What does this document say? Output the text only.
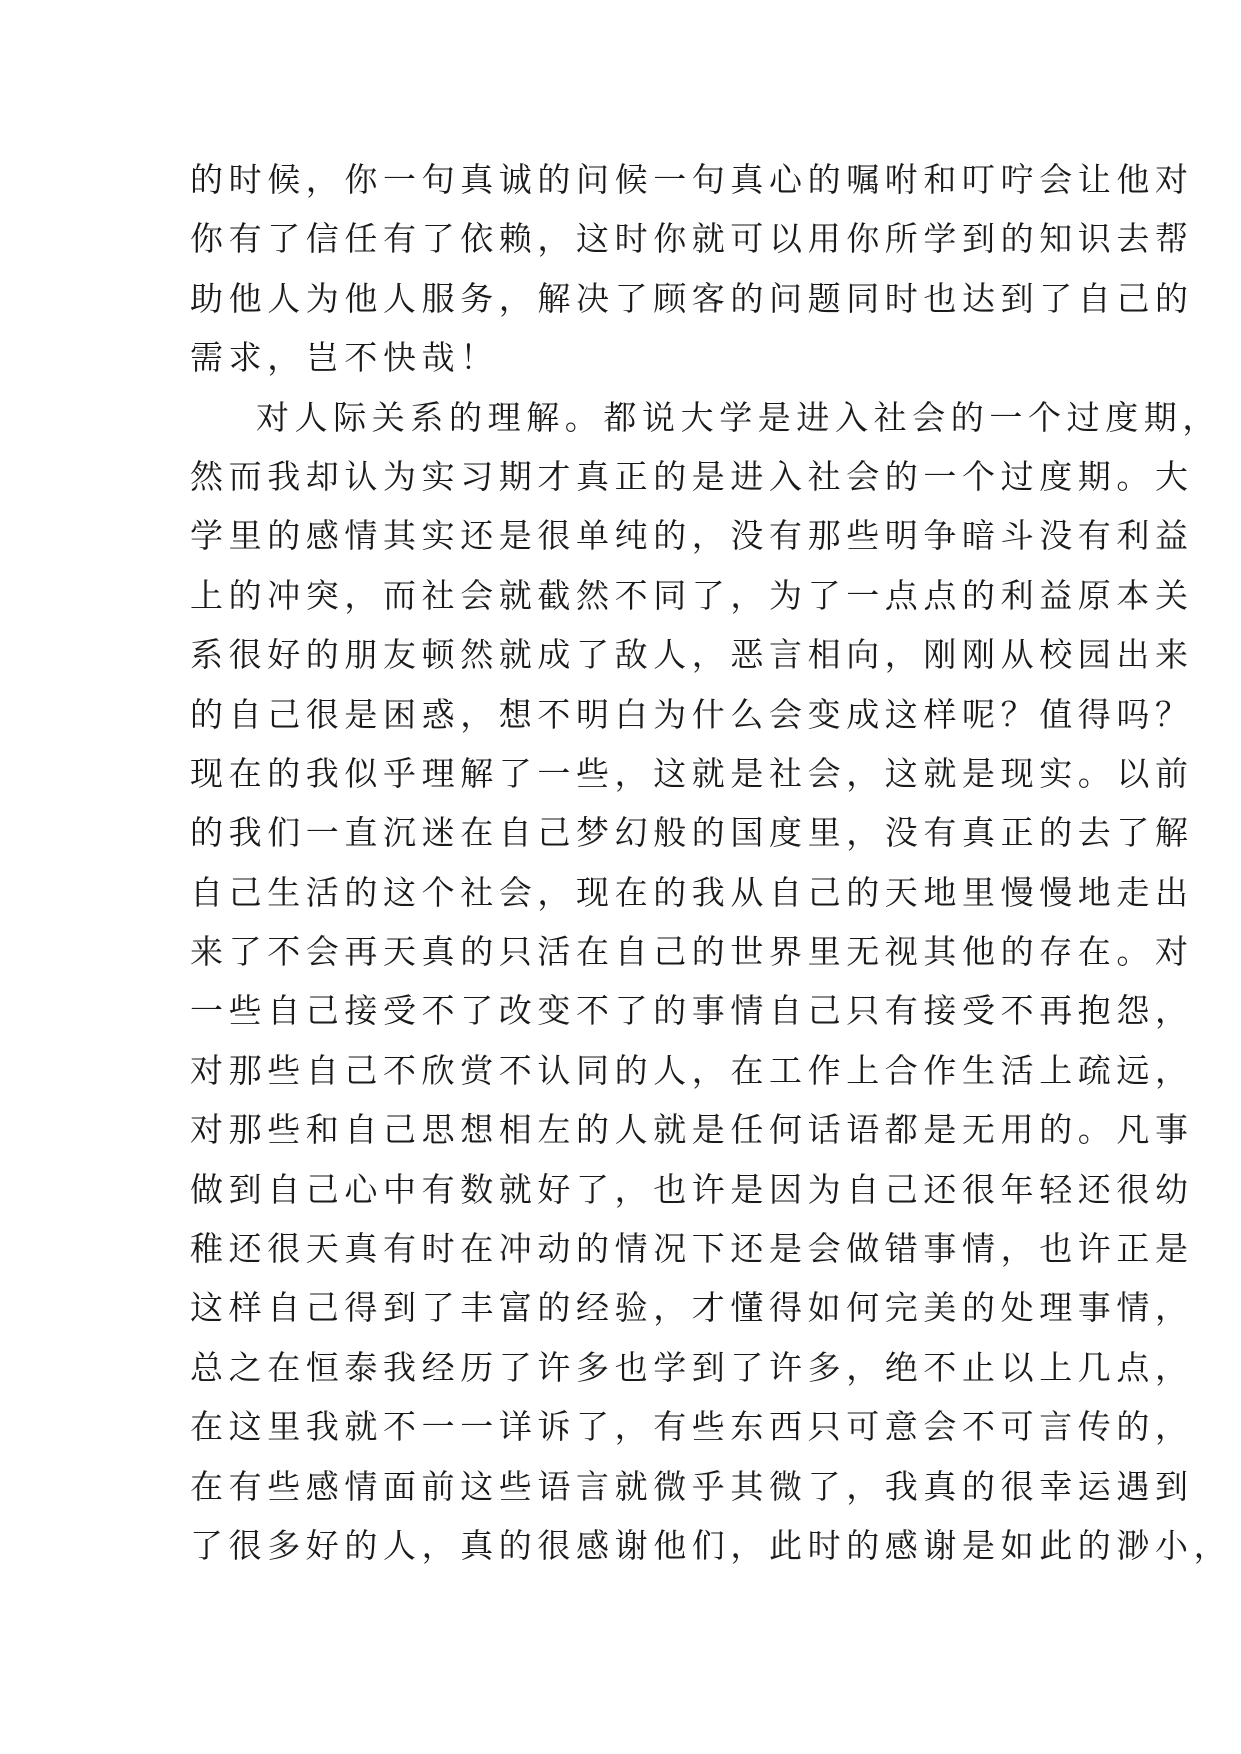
的时候，你一句真诚的问候一句真心的嘱咐和叮咛会让他对
你有了信任有了依赖，这时你就可以用你所学到的知识去帮
助他人为他人服务，解决了顾客的问题同时也达到了自己的
需求，岂不快哉！
对人际关系的理解。都说大学是进入社会的一个过度期，
然而我却认为实习期才真正的是进入社会的一个过度期。大
学里的感情其实还是很单纯的，没有那些明争暗斗没有利益
上的冲突，而社会就截然不同了，为了一点点的利益原本关
系很好的朋友顿然就成了敌人，恶言相向，刚刚从校园出来
的自己很是困惑，想不明白为什么会变成这样呢？值得吗？
现在的我似乎理解了一些，这就是社会，这就是现实。以前
的我们一直沉迷在自己梦幻般的国度里，没有真正的去了解
自己生活的这个社会，现在的我从自己的天地里慢慢地走出
来了不会再天真的只活在自己的世界里无视其他的存在。对
一些自己接受不了改变不了的事情自己只有接受不再抱怨，
对那些自己不欣赏不认同的人，在工作上合作生活上疏远，
对那些和自己思想相左的人就是任何话语都是无用的。凡事
做到自己心中有数就好了，也许是因为自己还很年轻还很幼
稚还很天真有时在冲动的情况下还是会做错事情，也许正是
这样自己得到了丰富的经验，才懂得如何完美的处理事情，
总之在恒泰我经历了许多也学到了许多，绝不止以上几点，
在这里我就不一一详诉了，有些东西只可意会不可言传的，
在有些感情面前这些语言就微乎其微了，我真的很幸运遇到
了很多好的人，真的很感谢他们，此时的感谢是如此的渺小，
